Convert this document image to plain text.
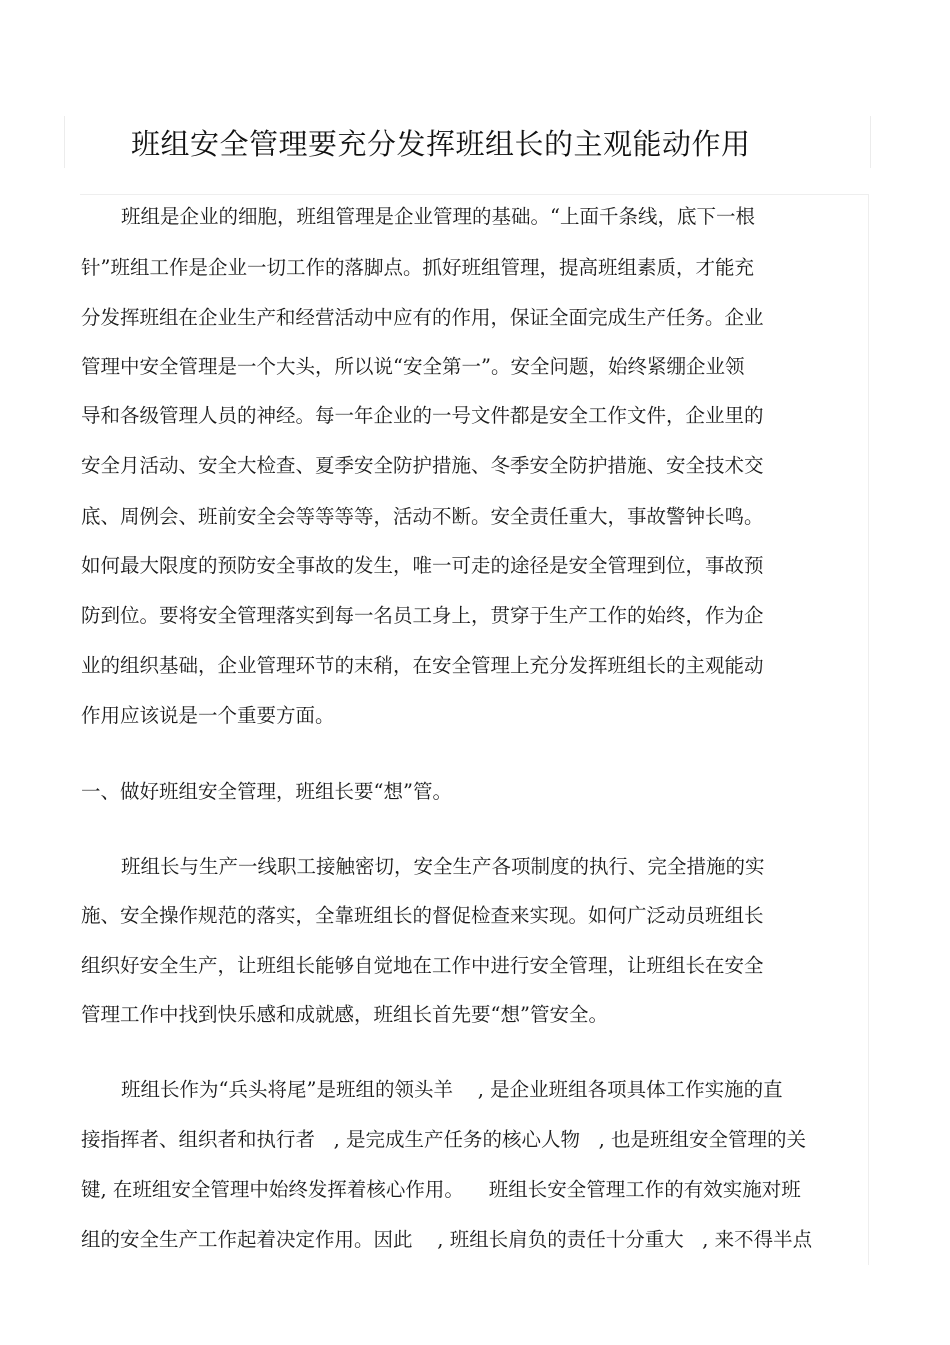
班组安全管理要充分发挥班组长的主观能动作用
班组是企业的细胞，班组管理是企业管理的基础。“上面千条线，底下一根
针”班组工作是企业一切工作的落脚点。抓好班组管理，提高班组素质，才能充
分发挥班组在企业生产和经营活动中应有的作用，保证全面完成生产任务。企业
管理中安全管理是一个大头，所以说“安全第一”。安全问题，始终紧绷企业领
导和各级管理人员的神经。每一年企业的一号文件都是安全工作文件，企业里的
安全月活动、安全大检查、夏季安全防护措施、冬季安全防护措施、安全技术交
底、周例会、班前安全会等等等等，活动不断。安全责任重大，事故警钟长鸣。
如何最大限度的预防安全事故的发生，唯一可走的途径是安全管理到位，事故预
防到位。要将安全管理落实到每一名员工身上，贯穿于生产工作的始终，作为企
业的组织基础，企业管理环节的末稍，在安全管理上充分发挥班组长的主观能动
作用应该说是一个重要方面。
一、做好班组安全管理，班组长要“想”管。
班组长与生产一线职工接触密切，安全生产各项制度的执行、完全措施的实
施、安全操作规范的落实，全靠班组长的督促检查来实现。如何广泛动员班组长
组织好安全生产，让班组长能够自觉地在工作中进行安全管理，让班组长在安全
管理工作中找到快乐感和成就感，班组长首先要“想”管安全。
班组长作为“兵头将尾”是班组的领头羊    , 是企业班组各项具体工作实施的直
接指挥者、组织者和执行者   , 是完成生产任务的核心人物   , 也是班组安全管理的关
键, 在班组安全管理中始终发挥着核心作用。    班组长安全管理工作的有效实施对班
组的安全生产工作起着决定作用。因此    , 班组长肩负的责任十分重大   , 来不得半点
